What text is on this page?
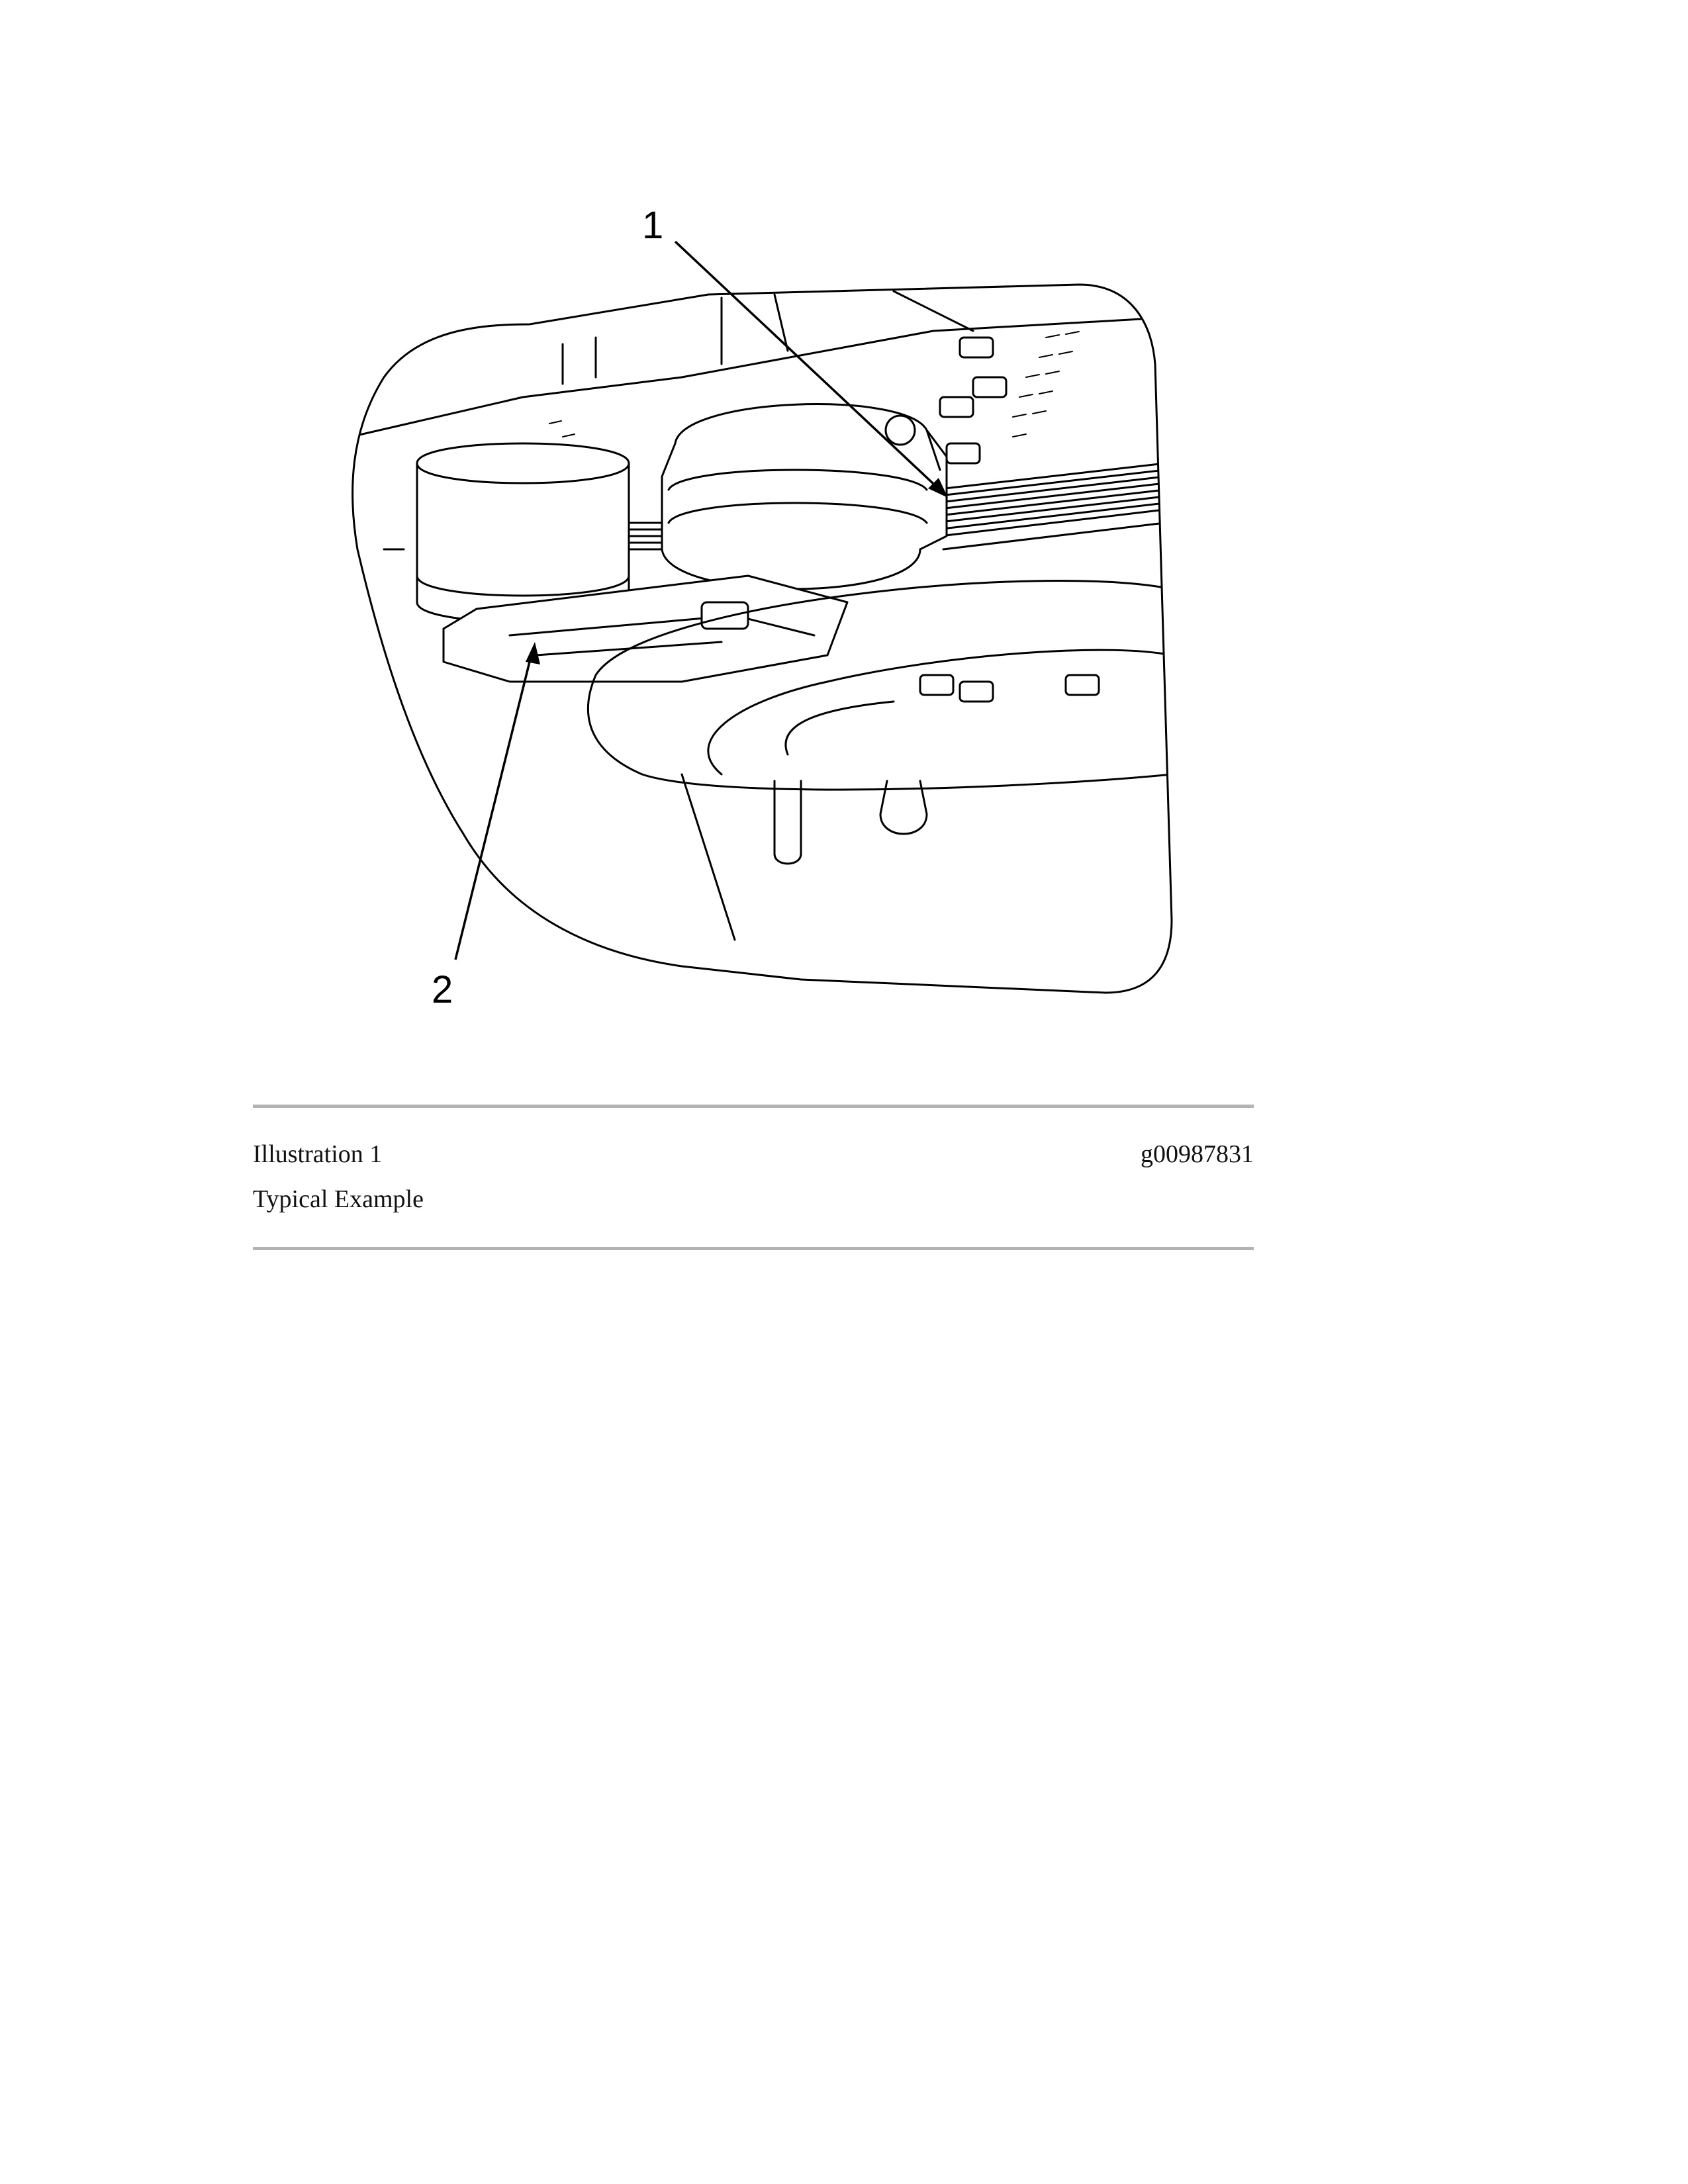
1
2
Illustration 1	g00987831
Typical Example
